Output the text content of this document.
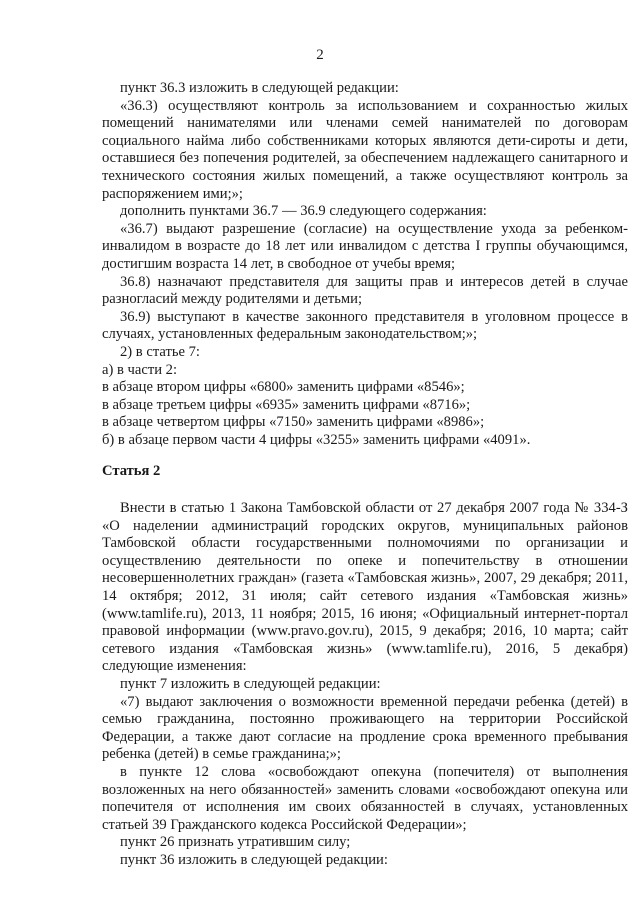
2

пункт 36.3 изложить в следующей редакции:

«36.3) осуществляют контроль за использованием и сохранностью жилых помещений нанимателями или членами семей нанимателей по договорам социального найма либо собственниками которых являются дети-сироты и дети, оставшиеся без попечения родителей, за обеспечением надлежащего санитарного и технического состояния жилых помещений, а также осуществляют контроль за распоряжением ими;»;

дополнить пунктами 36.7 — 36.9 следующего содержания:

«36.7) выдают разрешение (согласие) на осуществление ухода за ребенком-инвалидом в возрасте до 18 лет или инвалидом с детства I группы обучающимся, достигшим возраста 14 лет, в свободное от учебы время;

36.8) назначают представителя для защиты прав и интересов детей в случае разногласий между родителями и детьми;

36.9) выступают в качестве законного представителя в уголовном процессе в случаях, установленных федеральным законодательством;»;

2) в статье 7:

а) в части 2:

в абзаце втором цифры «6800» заменить цифрами «8546»;

в абзаце третьем цифры «6935» заменить цифрами «8716»;

в абзаце четвертом цифры «7150» заменить цифрами «8986»;

б) в абзаце первом части 4 цифры «3255» заменить цифрами «4091».

Статья 2

Внести в статью 1 Закона Тамбовской области от 27 декабря 2007 года № 334-З «О наделении администраций городских округов, муниципальных районов Тамбовской области государственными полномочиями по организации и осуществлению деятельности по опеке и попечительству в отношении несовершеннолетних граждан» (газета «Тамбовская жизнь», 2007, 29 декабря; 2011, 14 октября; 2012, 31 июля; сайт сетевого издания «Тамбовская жизнь» (www.tamlife.ru), 2013, 11 ноября; 2015, 16 июня; «Официальный интернет-портал правовой информации (www.pravo.gov.ru), 2015, 9 декабря; 2016, 10 марта; сайт сетевого издания «Тамбовская жизнь» (www.tamlife.ru), 2016, 5 декабря) следующие изменения:

пункт 7 изложить в следующей редакции:

«7) выдают заключения о возможности временной передачи ребенка (детей) в семью гражданина, постоянно проживающего на территории Российской Федерации, а также дают согласие на продление срока временного пребывания ребенка (детей) в семье гражданина;»;

в пункте 12 слова «освобождают опекуна (попечителя) от выполнения возложенных на него обязанностей» заменить словами «освобождают опекуна или попечителя от исполнения им своих обязанностей в случаях, установленных статьей 39 Гражданского кодекса Российской Федерации»;

пункт 26 признать утратившим силу;

пункт 36 изложить в следующей редакции:
